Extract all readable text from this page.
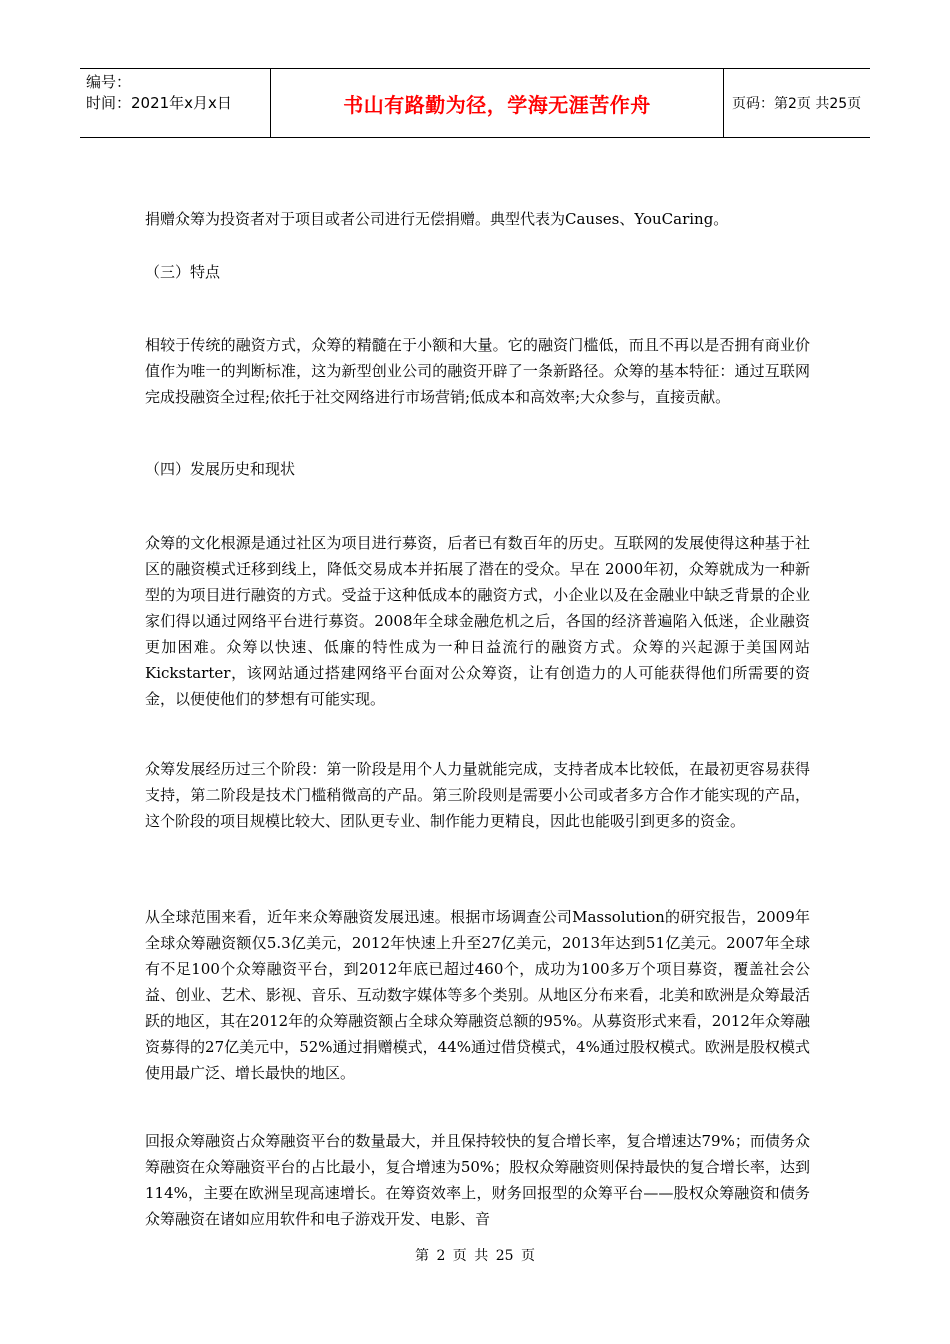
编号：
时间：2021年x月x日	书山有路勤为径，学海无涯苦作舟	页码：第2页 共25页

捐赠众筹为投资者对于项目或者公司进行无偿捐赠。典型代表为Causes、YouCaring。

（三）特点

相较于传统的融资方式，众筹的精髓在于小额和大量。它的融资门槛低，而且不再以是否拥有商业价值作为唯一的判断标准，这为新型创业公司的融资开辟了一条新路径。众筹的基本特征：通过互联网完成投融资全过程;依托于社交网络进行市场营销;低成本和高效率;大众参与，直接贡献。

（四）发展历史和现状

众筹的文化根源是通过社区为项目进行募资，后者已有数百年的历史。互联网的发展使得这种基于社区的融资模式迁移到线上，降低交易成本并拓展了潜在的受众。早在 2000年初，众筹就成为一种新型的为项目进行融资的方式。受益于这种低成本的融资方式，小企业以及在金融业中缺乏背景的企业家们得以通过网络平台进行募资。2008年全球金融危机之后，各国的经济普遍陷入低迷，企业融资更加困难。众筹以快速、低廉的特性成为一种日益流行的融资方式。众筹的兴起源于美国网站Kickstarter，该网站通过搭建网络平台面对公众筹资，让有创造力的人可能获得他们所需要的资金，以便使他们的梦想有可能实现。

众筹发展经历过三个阶段：第一阶段是用个人力量就能完成，支持者成本比较低，在最初更容易获得支持，第二阶段是技术门槛稍微高的产品。第三阶段则是需要小公司或者多方合作才能实现的产品，这个阶段的项目规模比较大、团队更专业、制作能力更精良，因此也能吸引到更多的资金。

从全球范围来看，近年来众筹融资发展迅速。根据市场调查公司Massolution的研究报告，2009年全球众筹融资额仅5.3亿美元，2012年快速上升至27亿美元，2013年达到51亿美元。2007年全球有不足100个众筹融资平台，到2012年底已超过460个，成功为100多万个项目募资，覆盖社会公益、创业、艺术、影视、音乐、互动数字媒体等多个类别。从地区分布来看，北美和欧洲是众筹最活跃的地区，其在2012年的众筹融资额占全球众筹融资总额的95%。从募资形式来看，2012年众筹融资募得的27亿美元中，52%通过捐赠模式，44%通过借贷模式，4%通过股权模式。欧洲是股权模式使用最广泛、增长最快的地区。

回报众筹融资占众筹融资平台的数量最大，并且保持较快的复合增长率，复合增速达79%；而债务众筹融资在众筹融资平台的占比最小，复合增速为50%；股权众筹融资则保持最快的复合增长率，达到114%，主要在欧洲呈现高速增长。在筹资效率上，财务回报型的众筹平台——股权众筹融资和债务众筹融资在诸如应用软件和电子游戏开发、电影、音

第 2 页 共 25 页
